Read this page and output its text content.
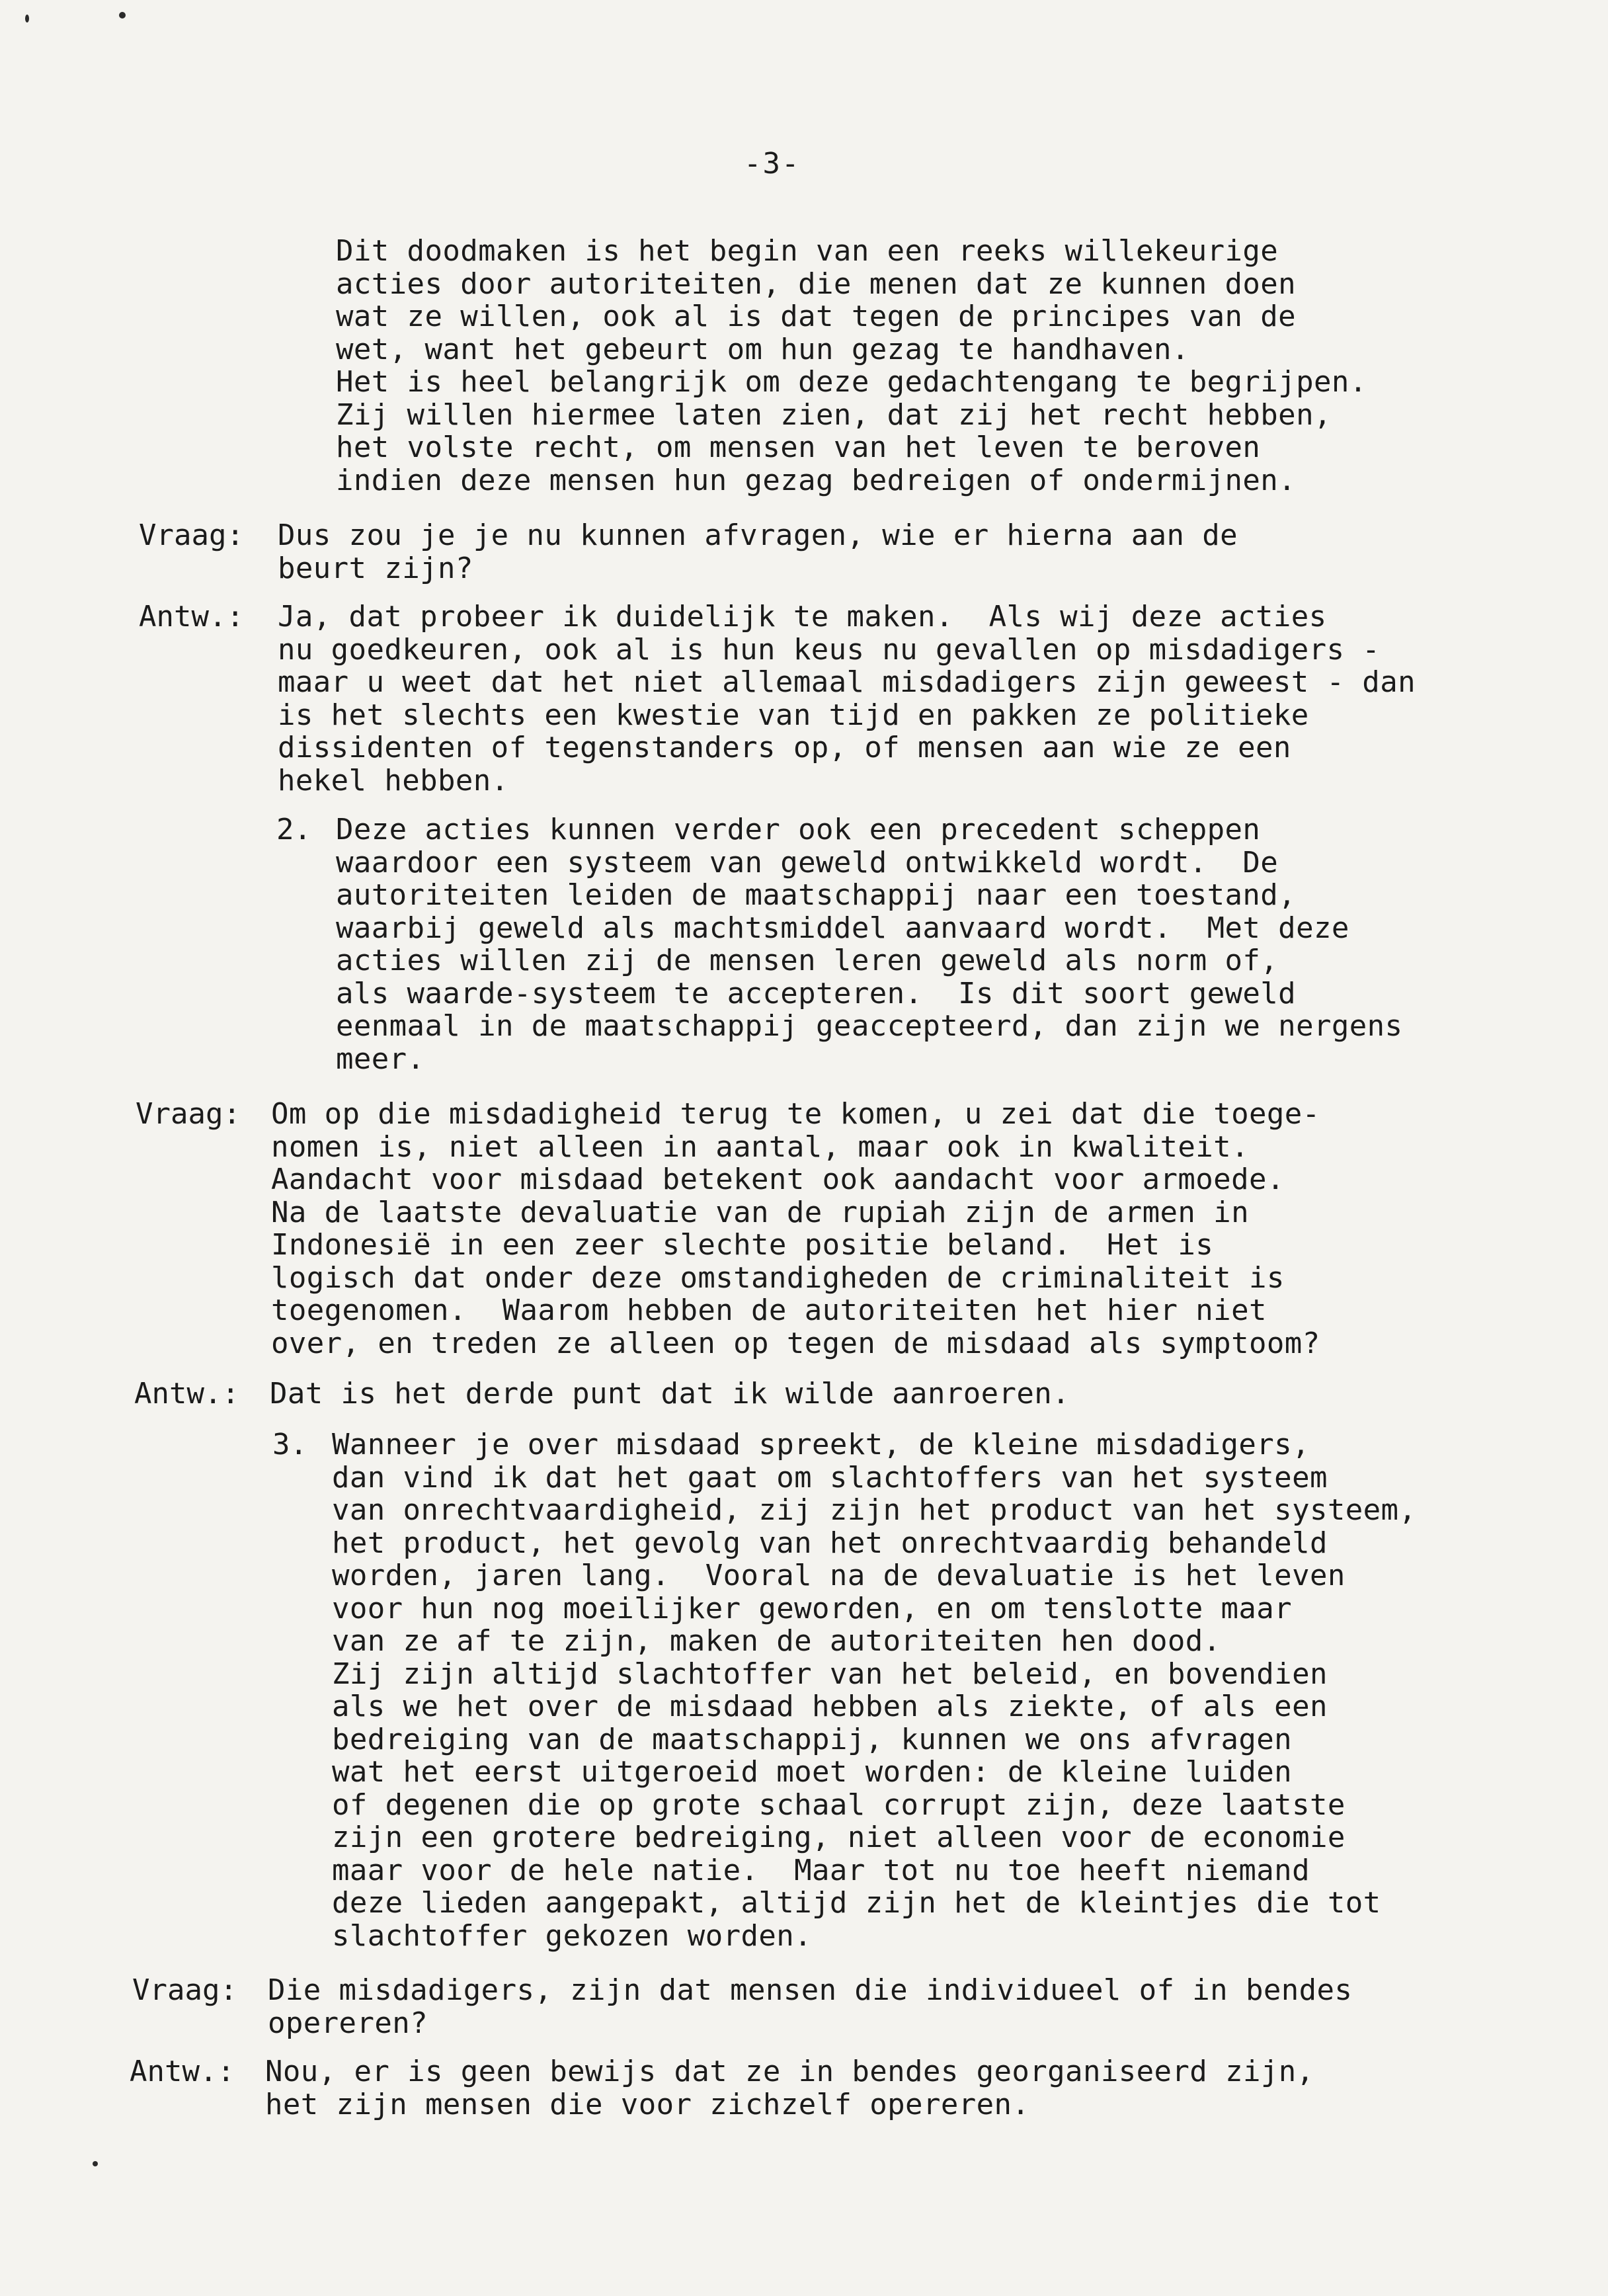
-3-
Dit doodmaken is het begin van een reeks willekeurige
acties door autoriteiten, die menen dat ze kunnen doen
wat ze willen, ook al is dat tegen de principes van de
wet, want het gebeurt om hun gezag te handhaven.
Het is heel belangrijk om deze gedachtengang te begrijpen.
Zij willen hiermee laten zien, dat zij het recht hebben,
het volste recht, om mensen van het leven te beroven
indien deze mensen hun gezag bedreigen of ondermijnen.
Vraag: Dus zou je je nu kunnen afvragen, wie er hierna aan de
beurt zijn?
Antw.: Ja, dat probeer ik duidelijk te maken.  Als wij deze acties
nu goedkeuren, ook al is hun keus nu gevallen op misdadigers -
maar u weet dat het niet allemaal misdadigers zijn geweest - dan
is het slechts een kwestie van tijd en pakken ze politieke
dissidenten of tegenstanders op, of mensen aan wie ze een
hekel hebben.
2. Deze acties kunnen verder ook een precedent scheppen
waardoor een systeem van geweld ontwikkeld wordt.  De
autoriteiten leiden de maatschappij naar een toestand,
waarbij geweld als machtsmiddel aanvaard wordt.  Met deze
acties willen zij de mensen leren geweld als norm of,
als waarde-systeem te accepteren.  Is dit soort geweld
eenmaal in de maatschappij geaccepteerd, dan zijn we nergens
meer.
Vraag: Om op die misdadigheid terug te komen, u zei dat die toege-
nomen is, niet alleen in aantal, maar ook in kwaliteit.
Aandacht voor misdaad betekent ook aandacht voor armoede.
Na de laatste devaluatie van de rupiah zijn de armen in
Indonesië in een zeer slechte positie beland.  Het is
logisch dat onder deze omstandigheden de criminaliteit is
toegenomen.  Waarom hebben de autoriteiten het hier niet
over, en treden ze alleen op tegen de misdaad als symptoom?
Antw.: Dat is het derde punt dat ik wilde aanroeren.
3. Wanneer je over misdaad spreekt, de kleine misdadigers,
dan vind ik dat het gaat om slachtoffers van het systeem
van onrechtvaardigheid, zij zijn het product van het systeem,
het product, het gevolg van het onrechtvaardig behandeld
worden, jaren lang.  Vooral na de devaluatie is het leven
voor hun nog moeilijker geworden, en om tenslotte maar
van ze af te zijn, maken de autoriteiten hen dood.
Zij zijn altijd slachtoffer van het beleid, en bovendien
als we het over de misdaad hebben als ziekte, of als een
bedreiging van de maatschappij, kunnen we ons afvragen
wat het eerst uitgeroeid moet worden: de kleine luiden
of degenen die op grote schaal corrupt zijn, deze laatste
zijn een grotere bedreiging, niet alleen voor de economie
maar voor de hele natie.  Maar tot nu toe heeft niemand
deze lieden aangepakt, altijd zijn het de kleintjes die tot
slachtoffer gekozen worden.
Vraag: Die misdadigers, zijn dat mensen die individueel of in bendes
opereren?
Antw.: Nou, er is geen bewijs dat ze in bendes georganiseerd zijn,
het zijn mensen die voor zichzelf opereren.
